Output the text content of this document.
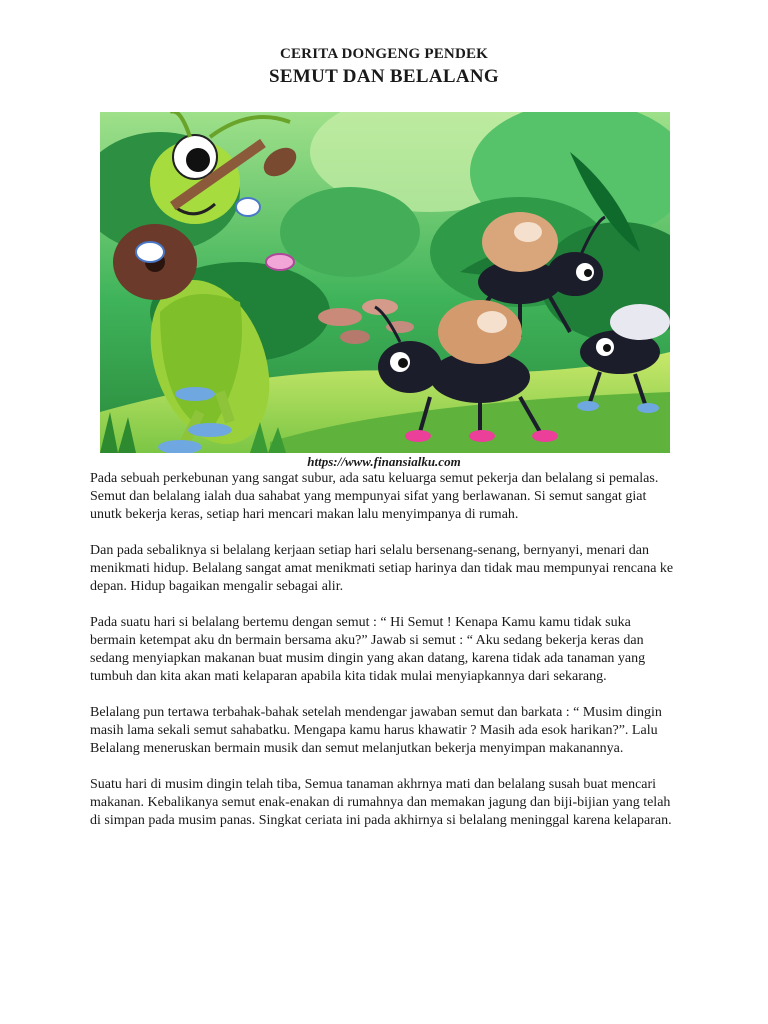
CERITA DONGENG PENDEK
SEMUT DAN BELALANG
https://www.finansialku.com

Pada sebuah perkebunan yang sangat subur, ada satu keluarga semut pekerja dan belalang si pemalas. Semut dan belalang ialah dua sahabat yang mempunyai sifat yang berlawanan. Si semut sangat giat unutk bekerja keras, setiap hari mencari makan lalu menyimpanya di rumah.

Dan pada sebaliknya si belalang kerjaan setiap hari selalu bersenang-senang, bernyanyi, menari dan menikmati hidup. Belalang sangat amat menikmati setiap harinya dan tidak mau mempunyai rencana ke depan. Hidup bagaikan mengalir sebagai alir.

Pada suatu hari si belalang bertemu dengan semut : “ Hi Semut ! Kenapa Kamu kamu tidak suka bermain ketempat aku dn bermain bersama aku?” Jawab si semut : “ Aku sedang bekerja keras dan sedang menyiapkan makanan buat musim dingin yang akan datang, karena tidak ada tanaman yang tumbuh dan kita akan mati kelaparan apabila kita tidak mulai menyiapkannya dari sekarang.

Belalang pun tertawa terbahak-bahak setelah mendengar jawaban semut dan barkata : “ Musim dingin masih lama sekali semut sahabatku. Mengapa kamu harus khawatir ? Masih ada esok harikan?”. Lalu Belalang meneruskan bermain musik dan semut melanjutkan bekerja menyimpan makanannya.

Suatu hari di musim dingin telah tiba, Semua tanaman akhrnya mati dan belalang susah buat mencari makanan. Kebalikanya semut enak-enakan di rumahnya dan memakan jagung dan biji-bijian yang telah di simpan pada musim panas. Singkat ceriata ini pada akhirnya si belalang meninggal karena kelaparan.
